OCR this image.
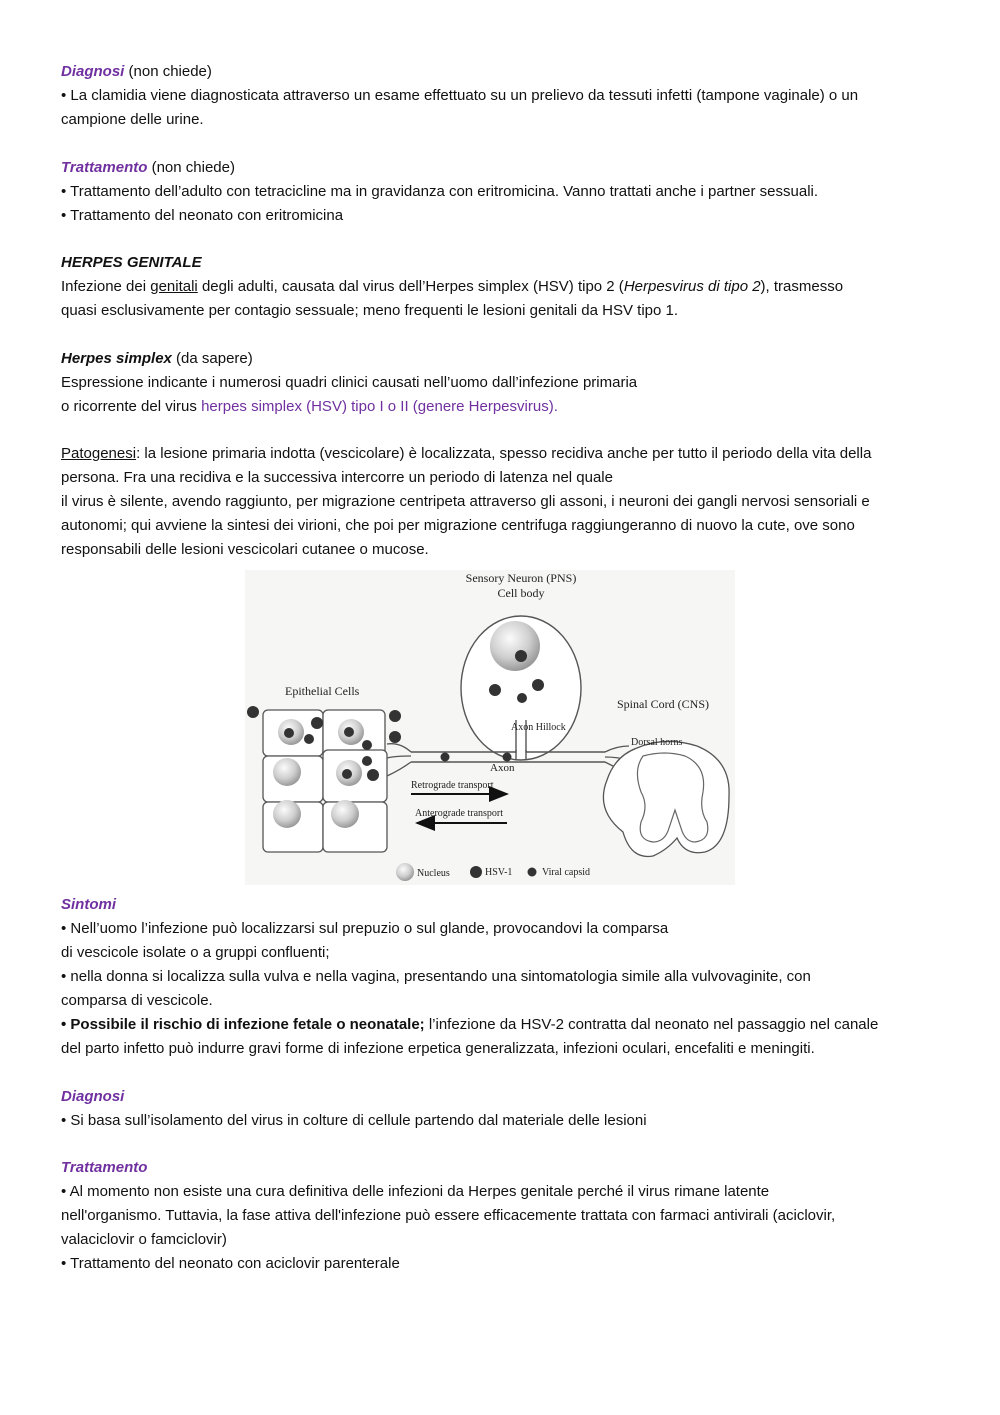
Diagnosi (non chiede)

• La clamidia viene diagnosticata attraverso un esame effettuato su un prelievo da tessuti infetti (tampone vaginale) o un

campione delle urine.

Trattamento (non chiede)

• Trattamento dell’adulto con tetracicline ma in gravidanza con eritromicina. Vanno trattati anche i partner sessuali.

• Trattamento del neonato con eritromicina

HERPES GENITALE

Infezione dei genitali degli adulti, causata dal virus dell’Herpes simplex (HSV) tipo 2 (Herpesvirus di tipo 2), trasmesso

quasi esclusivamente per contagio sessuale; meno frequenti le lesioni genitali da HSV tipo 1.

Herpes simplex (da sapere)

Espressione indicante i numerosi quadri clinici causati nell’uomo dall’infezione primaria

o ricorrente del virus herpes simplex (HSV) tipo I o II (genere Herpesvirus).

Patogenesi: la lesione primaria indotta (vescicolare) è localizzata, spesso recidiva anche per tutto il periodo della vita della

persona. Fra una recidiva e la successiva intercorre un periodo di latenza nel quale

il virus è silente, avendo raggiunto, per migrazione centripeta attraverso gli assoni, i neuroni dei gangli nervosi sensoriali e

autonomi; qui avviene la sintesi dei virioni, che poi per migrazione centrifuga raggiungeranno di nuovo la cute, ove sono

responsabili delle lesioni vescicolari cutanee o mucose.

Sensory Neuron (PNS)
Cell body
Epithelial Cells
Spinal Cord (CNS)
Axon Hillock
Dorsal horns
Axon
Retrograde transport
Anterograde transport
Nucleus	HSV-1	Viral capsid

Sintomi

• Nell’uomo l’infezione può localizzarsi sul prepuzio o sul glande, provocandovi la comparsa

di vescicole isolate o a gruppi confluenti;

• nella donna si localizza sulla vulva e nella vagina, presentando una sintomatologia simile alla vulvovaginite, con

comparsa di vescicole.

• Possibile il rischio di infezione fetale o neonatale; l’infezione da HSV-2 contratta dal neonato nel passaggio nel canale

del parto infetto può indurre gravi forme di infezione erpetica generalizzata, infezioni oculari, encefaliti e meningiti.

Diagnosi

• Si basa sull’isolamento del virus in colture di cellule partendo dal materiale delle lesioni

Trattamento

• Al momento non esiste una cura definitiva delle infezioni da Herpes genitale perché il virus rimane latente

nell'organismo. Tuttavia, la fase attiva dell'infezione può essere efficacemente trattata con farmaci antivirali (aciclovir,

valaciclovir o famciclovir)

• Trattamento del neonato con aciclovir parenterale
